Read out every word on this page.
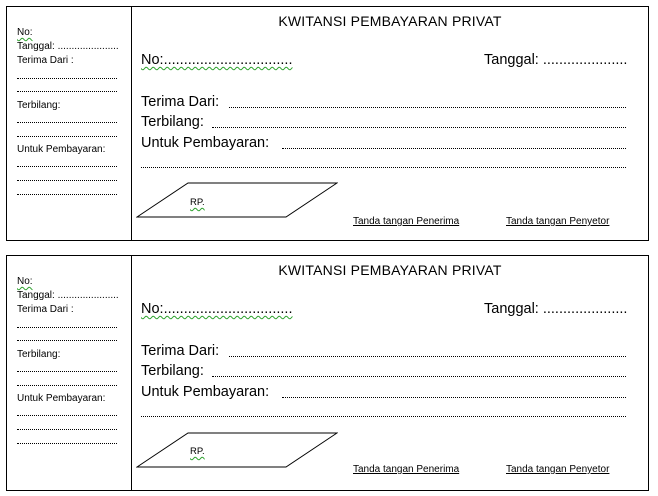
No:
Tanggal: ......................
Terima Dari :
Terbilang:
Untuk Pembayaran:
KWITANSI PEMBAYARAN PRIVAT
No:................................	Tanggal: .....................
Terima Dari:
Terbilang:
Untuk Pembayaran:
RP.
Tanda tangan Penerima	Tanda tangan Penyetor
No:
Tanggal: ......................
Terima Dari :
Terbilang:
Untuk Pembayaran:
KWITANSI PEMBAYARAN PRIVAT
No:................................	Tanggal: .....................
Terima Dari:
Terbilang:
Untuk Pembayaran:
RP.
Tanda tangan Penerima	Tanda tangan Penyetor
